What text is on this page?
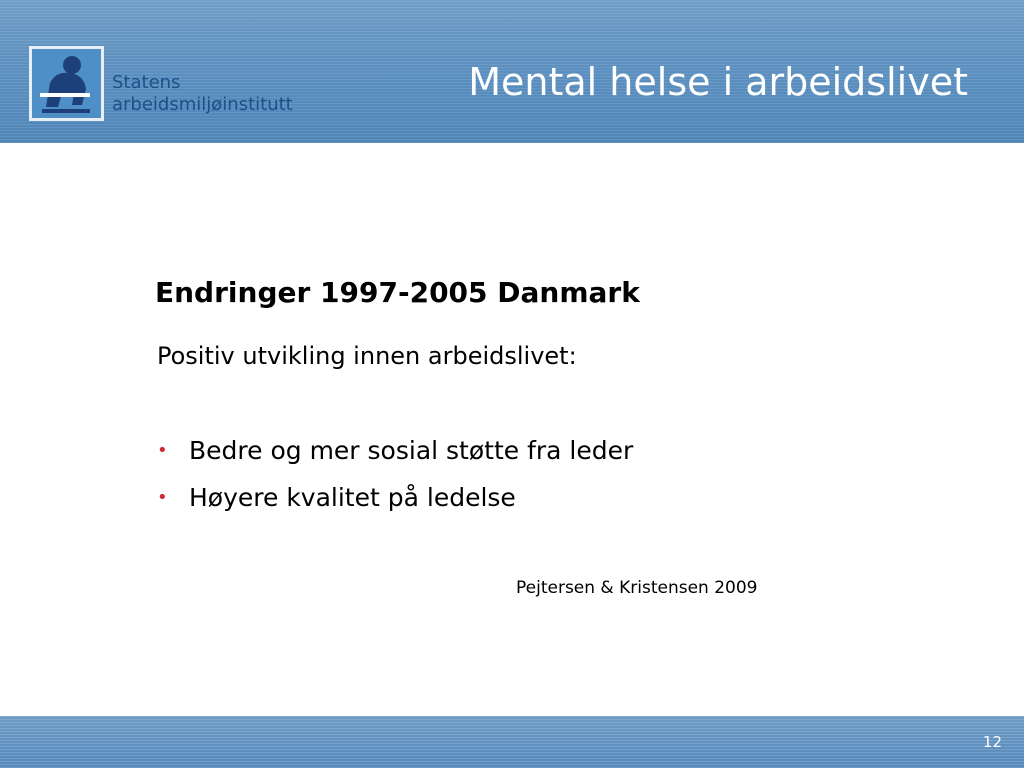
Statens
arbeidsmiljøinstitutt
Mental helse i arbeidslivet
Endringer 1997-2005 Danmark
Positiv utvikling innen arbeidslivet:
• Bedre og mer sosial støtte fra leder
• Høyere kvalitet på ledelse
Pejtersen & Kristensen 2009
12
